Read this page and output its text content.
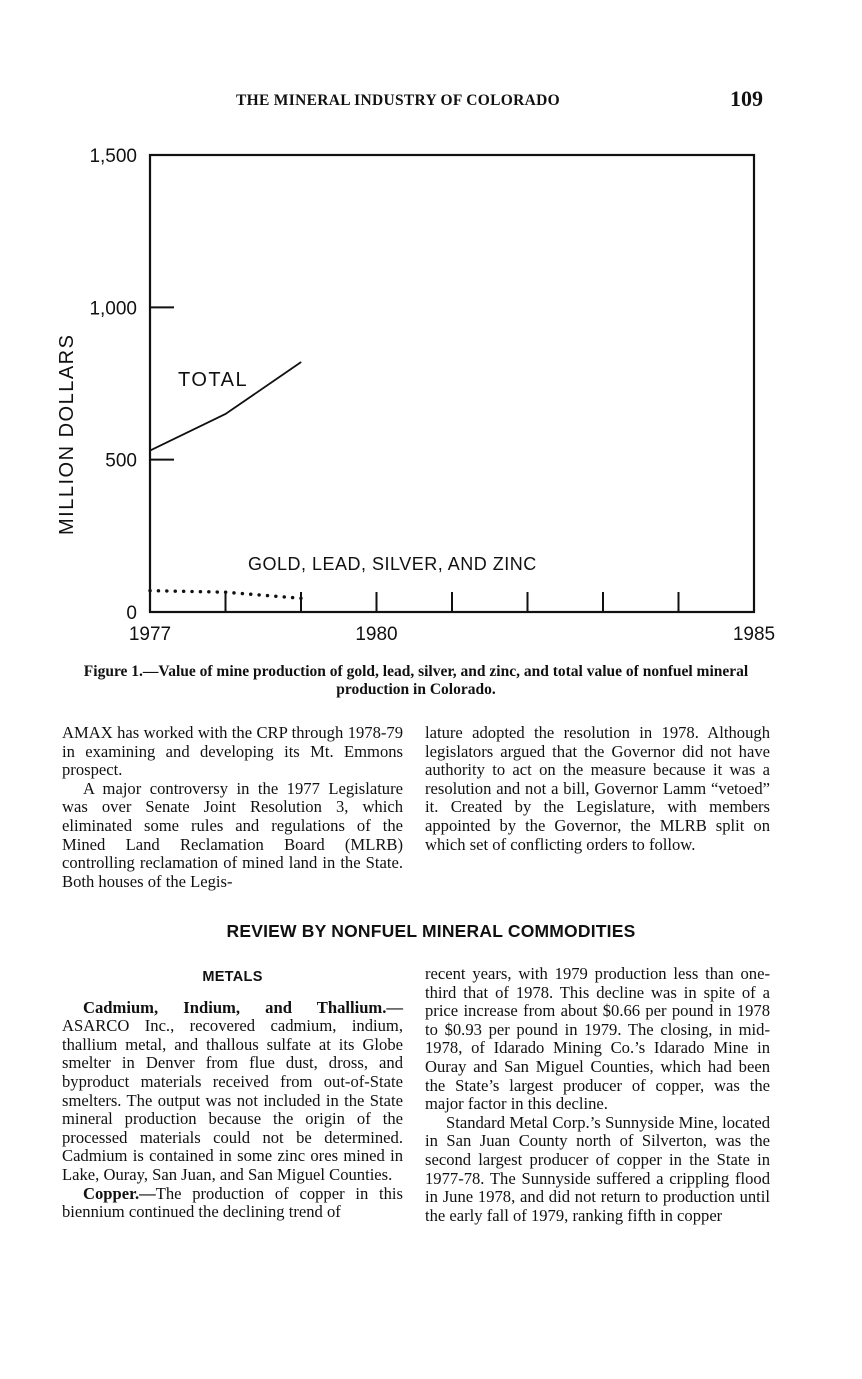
THE MINERAL INDUSTRY OF COLORADO	109
0
500
1,000
1,500
1977	1980	1985
MILLION DOLLARS	TOTAL
GOLD, LEAD, SILVER, AND ZINC
Figure 1.—Value of mine production of gold, lead, silver, and zinc, and total value of nonfuel mineral production in Colorado.

AMAX has worked with the CRP through 1978-79 in examining and developing its Mt. Emmons prospect.

A major controversy in the 1977 Legislature was over Senate Joint Resolution 3, which eliminated some rules and regulations of the Mined Land Reclamation Board (MLRB) controlling reclamation of mined land in the State. Both houses of the Legis-

lature adopted the resolution in 1978. Although legislators argued that the Governor did not have authority to act on the measure because it was a resolution and not a bill, Governor Lamm “vetoed” it. Created by the Legislature, with members appointed by the Governor, the MLRB split on which set of conflicting orders to follow.

REVIEW BY NONFUEL MINERAL COMMODITIES

METALS

Cadmium, Indium, and Thallium.— ASARCO Inc., recovered cadmium, indium, thallium metal, and thallous sulfate at its Globe smelter in Denver from flue dust, dross, and byproduct materials received from out-of-State smelters. The output was not included in the State mineral production because the origin of the processed materials could not be determined. Cadmium is contained in some zinc ores mined in Lake, Ouray, San Juan, and San Miguel Counties.

Copper.—The production of copper in this biennium continued the declining trend of

recent years, with 1979 production less than one-third that of 1978. This decline was in spite of a price increase from about $0.66 per pound in 1978 to $0.93 per pound in 1979. The closing, in mid-1978, of Idarado Mining Co.’s Idarado Mine in Ouray and San Miguel Counties, which had been the State’s largest producer of copper, was the major factor in this decline.

Standard Metal Corp.’s Sunnyside Mine, located in San Juan County north of Silverton, was the second largest producer of copper in the State in 1977-78. The Sunnyside suffered a crippling flood in June 1978, and did not return to production until the early fall of 1979, ranking fifth in copper
